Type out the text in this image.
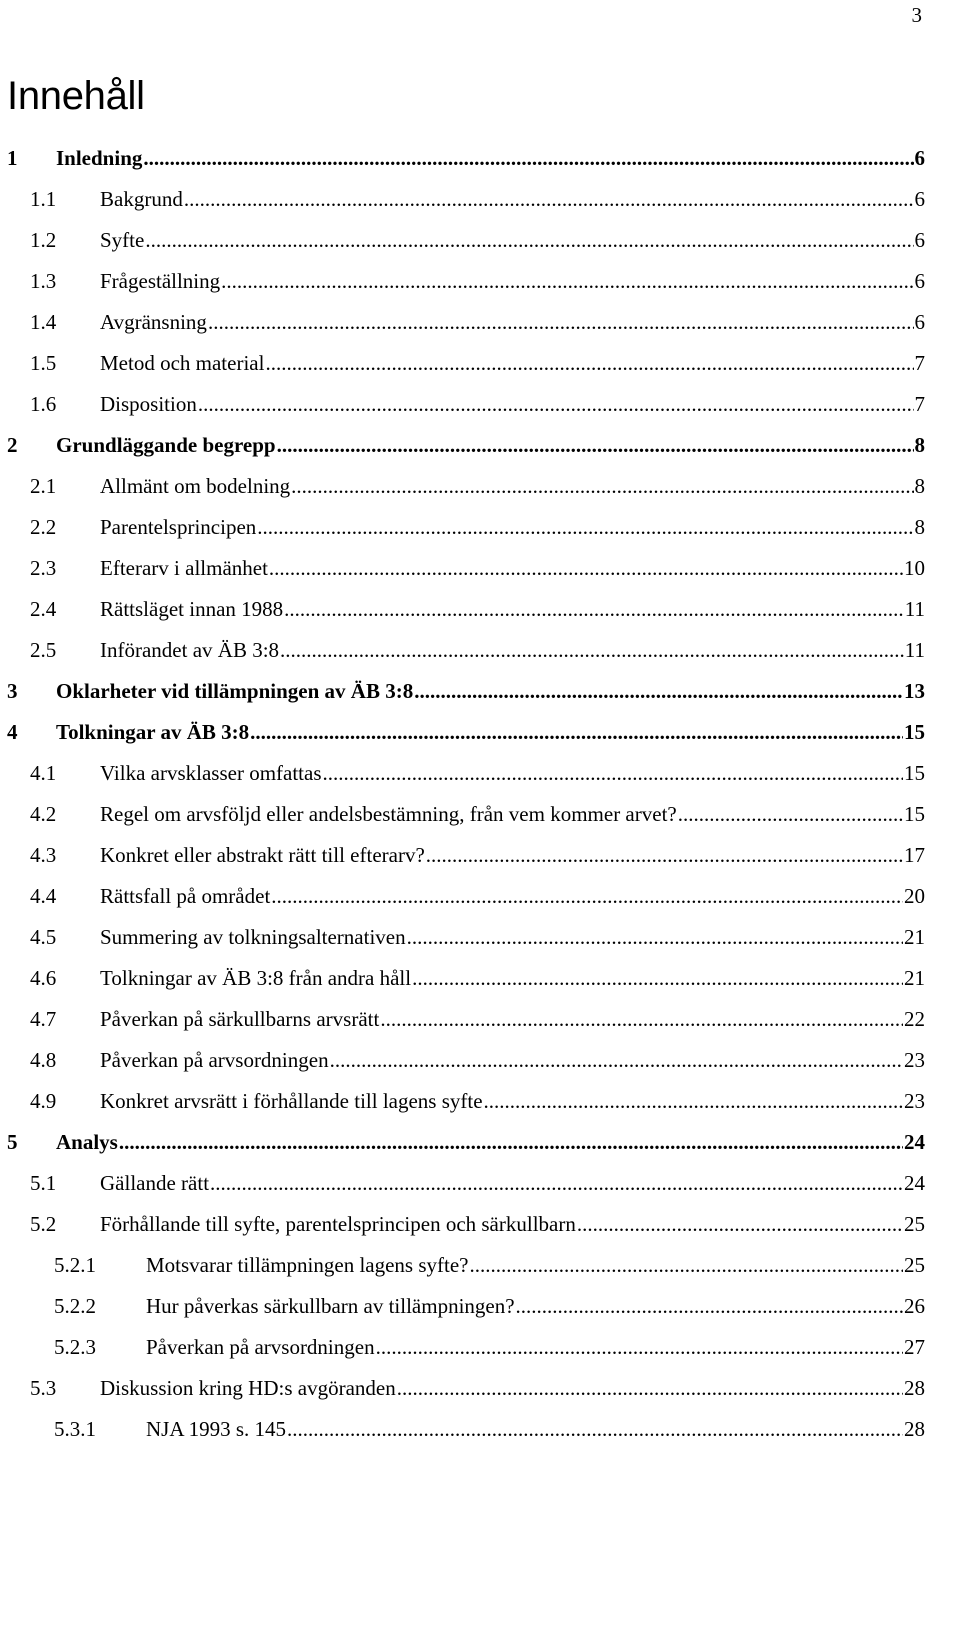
3
Innehåll
1	Inledning .....	6
1.1	Bakgrund .....	6
1.2	Syfte .....	6
1.3	Frågeställning .....	6
1.4	Avgränsning .....	6
1.5	Metod och material .....	7
1.6	Disposition .....	7
2	Grundläggande begrepp .....	8
2.1	Allmänt om bodelning .....	8
2.2	Parentelsprincipen .....	8
2.3	Efterarv i allmänhet .....	10
2.4	Rättsläget innan 1988 .....	11
2.5	Införandet av ÄB 3:8 .....	11
3	Oklarheter vid tillämpningen av ÄB 3:8 .....	13
4	Tolkningar av ÄB 3:8 .....	15
4.1	Vilka arvsklasser omfattas .....	15
4.2	Regel om arvsföljd eller andelsbestämning, från vem kommer arvet? .....	15
4.3	Konkret eller abstrakt rätt till efterarv? .....	17
4.4	Rättsfall på området .....	20
4.5	Summering av tolkningsalternativen .....	21
4.6	Tolkningar av ÄB 3:8 från andra håll .....	21
4.7	Påverkan på särkullbarns arvsrätt .....	22
4.8	Påverkan på arvsordningen .....	23
4.9	Konkret arvsrätt i förhållande till lagens syfte .....	23
5	Analys .....	24
5.1	Gällande rätt .....	24
5.2	Förhållande till syfte, parentelsprincipen och särkullbarn .....	25
5.2.1	Motsvarar tillämpningen lagens syfte? .....	25
5.2.2	Hur påverkas särkullbarn av tillämpningen? .....	26
5.2.3	Påverkan på arvsordningen .....	27
5.3	Diskussion kring HD:s avgöranden .....	28
5.3.1	NJA 1993 s. 145 .....	28
